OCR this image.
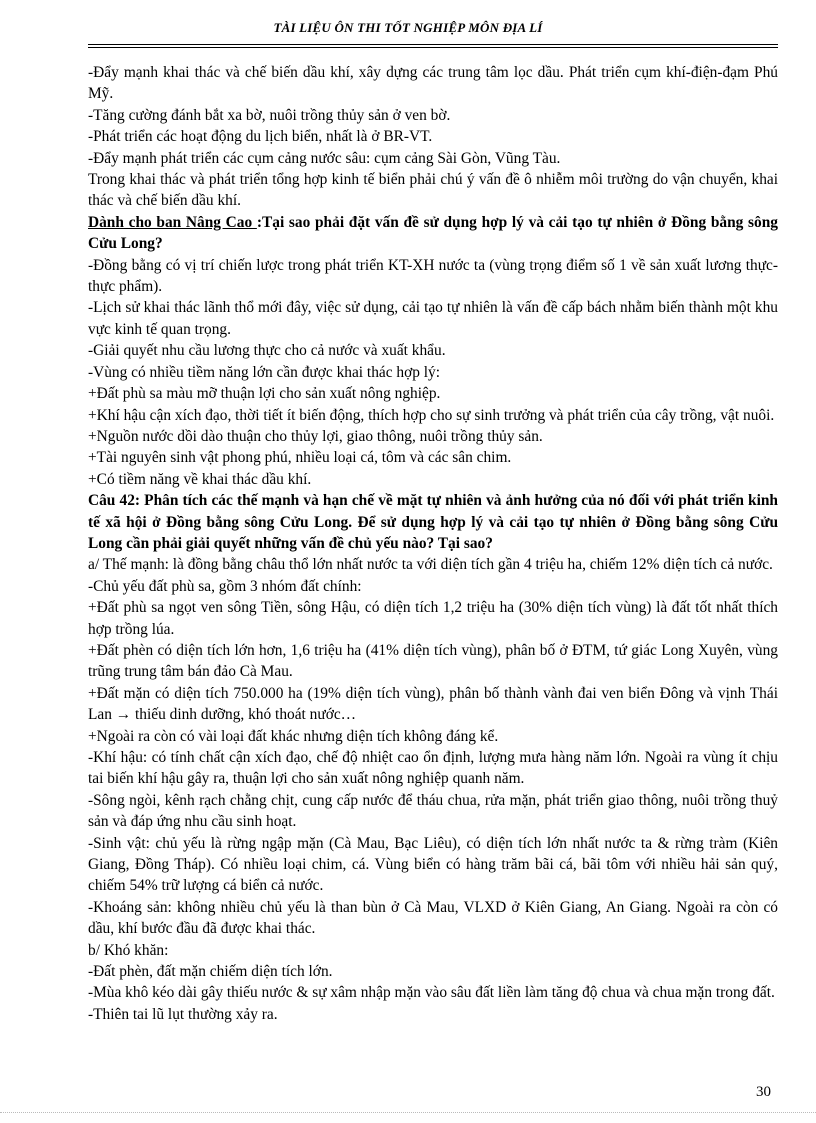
TÀI LIỆU ÔN THI TỐT NGHIỆP MÔN ĐỊA LÍ

-Đẩy mạnh khai thác và chế biến dầu khí, xây dựng các trung tâm lọc dầu. Phát triển cụm khí-điện-đạm Phú Mỹ.

-Tăng cường đánh bắt xa bờ, nuôi trồng thủy sản ở ven bờ.

-Phát triển các hoạt động du lịch biển, nhất là ở BR-VT.

-Đẩy mạnh phát triển các cụm cảng nước sâu: cụm cảng Sài Gòn, Vũng Tàu.

Trong khai thác và phát triển tổng hợp kinh tế biển phải chú ý vấn đề ô nhiễm môi trường do vận chuyển, khai thác và chế biến dầu khí.

Dành cho ban Nâng Cao :Tại sao phải đặt vấn đề sử dụng hợp lý và cải tạo tự nhiên ở Đồng bằng sông Cửu Long?

-Đồng bằng có vị trí chiến lược trong phát triển KT-XH nước ta (vùng trọng điểm số 1 về sản xuất lương thực-thực phẩm).

-Lịch sử khai thác lãnh thổ mới đây, việc sử dụng, cải tạo tự nhiên là vấn đề cấp bách nhằm biến thành một khu vực kinh tế quan trọng.

-Giải quyết nhu cầu lương thực cho cả nước và xuất khẩu.

-Vùng có nhiều tiềm năng lớn cần được khai thác hợp lý:

+Đất phù sa màu mỡ thuận lợi cho sản xuất nông nghiệp.

+Khí hậu cận xích đạo, thời tiết ít biến động, thích hợp cho sự sinh trưởng và phát triển của cây trồng, vật nuôi.

+Nguồn nước dồi dào thuận cho thủy lợi, giao thông, nuôi trồng thủy sản.

+Tài nguyên sinh vật phong phú, nhiều loại cá, tôm và các sân chim.

+Có tiềm năng về khai thác dầu khí.

Câu 42: Phân tích các thế mạnh và hạn chế về mặt tự nhiên và ảnh hưởng của nó đối với phát triển kinh tế xã hội ở Đồng bằng sông Cửu Long. Để sử dụng hợp lý và cải tạo tự nhiên ở Đồng bằng sông Cửu Long cần phải giải quyết những vấn đề chủ yếu nào? Tại sao?

a/ Thế mạnh: là đồng bằng châu thổ lớn nhất nước ta với diện tích gần 4 triệu ha, chiếm 12% diện tích cả nước.

-Chủ yếu đất phù sa, gồm 3 nhóm đất chính:

+Đất phù sa ngọt ven sông Tiền, sông Hậu, có diện tích 1,2 triệu ha (30% diện tích vùng) là đất tốt nhất thích hợp trồng lúa.

+Đất phèn có diện tích lớn hơn, 1,6 triệu ha (41% diện tích vùng), phân bố ở ĐTM, tứ giác Long Xuyên, vùng trũng trung tâm bán đảo Cà Mau.

+Đất mặn có diện tích 750.000 ha (19% diện tích vùng), phân bố thành vành đai ven biển Đông và vịnh Thái Lan → thiếu dinh dưỡng, khó thoát nước…

+Ngoài ra còn có vài loại đất khác nhưng diện tích không đáng kể.

-Khí hậu: có tính chất cận xích đạo, chế độ nhiệt cao ổn định, lượng mưa hàng năm lớn. Ngoài ra vùng ít chịu tai biến khí hậu gây ra, thuận lợi cho sản xuất nông nghiệp quanh năm.

-Sông ngòi, kênh rạch chằng chịt, cung cấp nước để tháu chua, rửa mặn, phát triển giao thông, nuôi trồng thuỷ sản và đáp ứng nhu cầu sinh hoạt.

-Sinh vật: chủ yếu là rừng ngập mặn (Cà Mau, Bạc Liêu), có diện tích lớn nhất nước ta & rừng tràm (Kiên Giang, Đồng Tháp). Có nhiều loại chim, cá. Vùng biển có hàng trăm bãi cá, bãi tôm với nhiều hải sản quý, chiếm 54% trữ lượng cá biển cả nước.

-Khoáng sản: không nhiều chủ yếu là than bùn ở Cà Mau, VLXD ở Kiên Giang, An Giang. Ngoài ra còn có dầu, khí bước đầu đã được khai thác.

b/ Khó khăn:

-Đất phèn, đất mặn chiếm diện tích lớn.

-Mùa khô kéo dài gây thiếu nước & sự xâm nhập mặn vào sâu đất liền làm tăng độ chua và chua mặn trong đất.

-Thiên tai lũ lụt thường xảy ra.

30
